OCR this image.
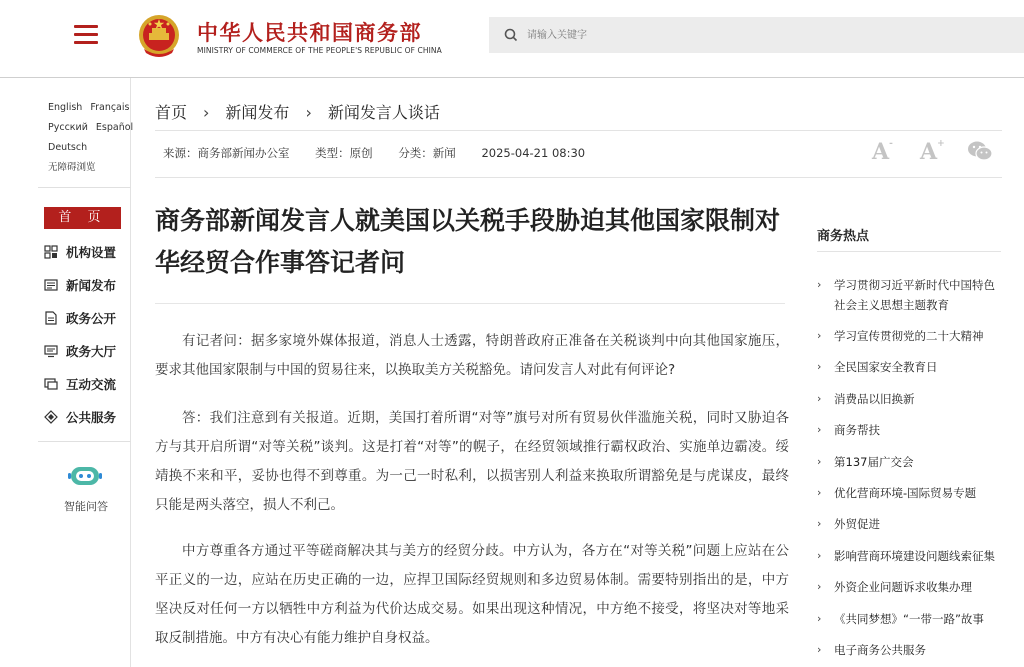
中华人民共和国商务部
MINISTRY OF COMMERCE OF THE PEOPLE'S REPUBLIC OF CHINA
请输入关键字
English Français
Русский Español
Deutsch
无障碍浏览
首 页
机构设置
新闻发布
政务公开
政务大厅
互动交流
公共服务
智能问答
首页 › 新闻发布 › 新闻发言人谈话
来源：商务部新闻办公室 类型：原创 分类：新闻 2025-04-21 08:30	A- A+
商务部新闻发言人就美国以关税手段胁迫其他国家限制对华经贸合作事答记者问
有记者问：据多家境外媒体报道，消息人士透露，特朗普政府正准备在关税谈判中向其他国家施压，要求其他国家限制与中国的贸易往来，以换取美方关税豁免。请问发言人对此有何评论?
答：我们注意到有关报道。近期，美国打着所谓“对等”旗号对所有贸易伙伴滥施关税，同时又胁迫各方与其开启所谓“对等关税”谈判。这是打着“对等”的幌子，在经贸领域推行霸权政治、实施单边霸凌。绥靖换不来和平，妥协也得不到尊重。为一己一时私利，以损害别人利益来换取所谓豁免是与虎谋皮，最终只能是两头落空，损人不利己。
中方尊重各方通过平等磋商解决其与美方的经贸分歧。中方认为，各方在“对等关税”问题上应站在公平正义的一边，应站在历史正确的一边，应捍卫国际经贸规则和多边贸易体制。需要特别指出的是，中方坚决反对任何一方以牺牲中方利益为代价达成交易。如果出现这种情况，中方绝不接受，将坚决对等地采取反制措施。中方有决心有能力维护自身权益。
商务热点
› 学习贯彻习近平新时代中国特色社会主义思想主题教育
› 学习宣传贯彻党的二十大精神
› 全民国家安全教育日
› 消费品以旧换新
› 商务帮扶
› 第137届广交会
› 优化营商环境-国际贸易专题
› 外贸促进
› 影响营商环境建设问题线索征集
› 外资企业问题诉求收集办理
› 《共同梦想》“一带一路”故事
› 电子商务公共服务
